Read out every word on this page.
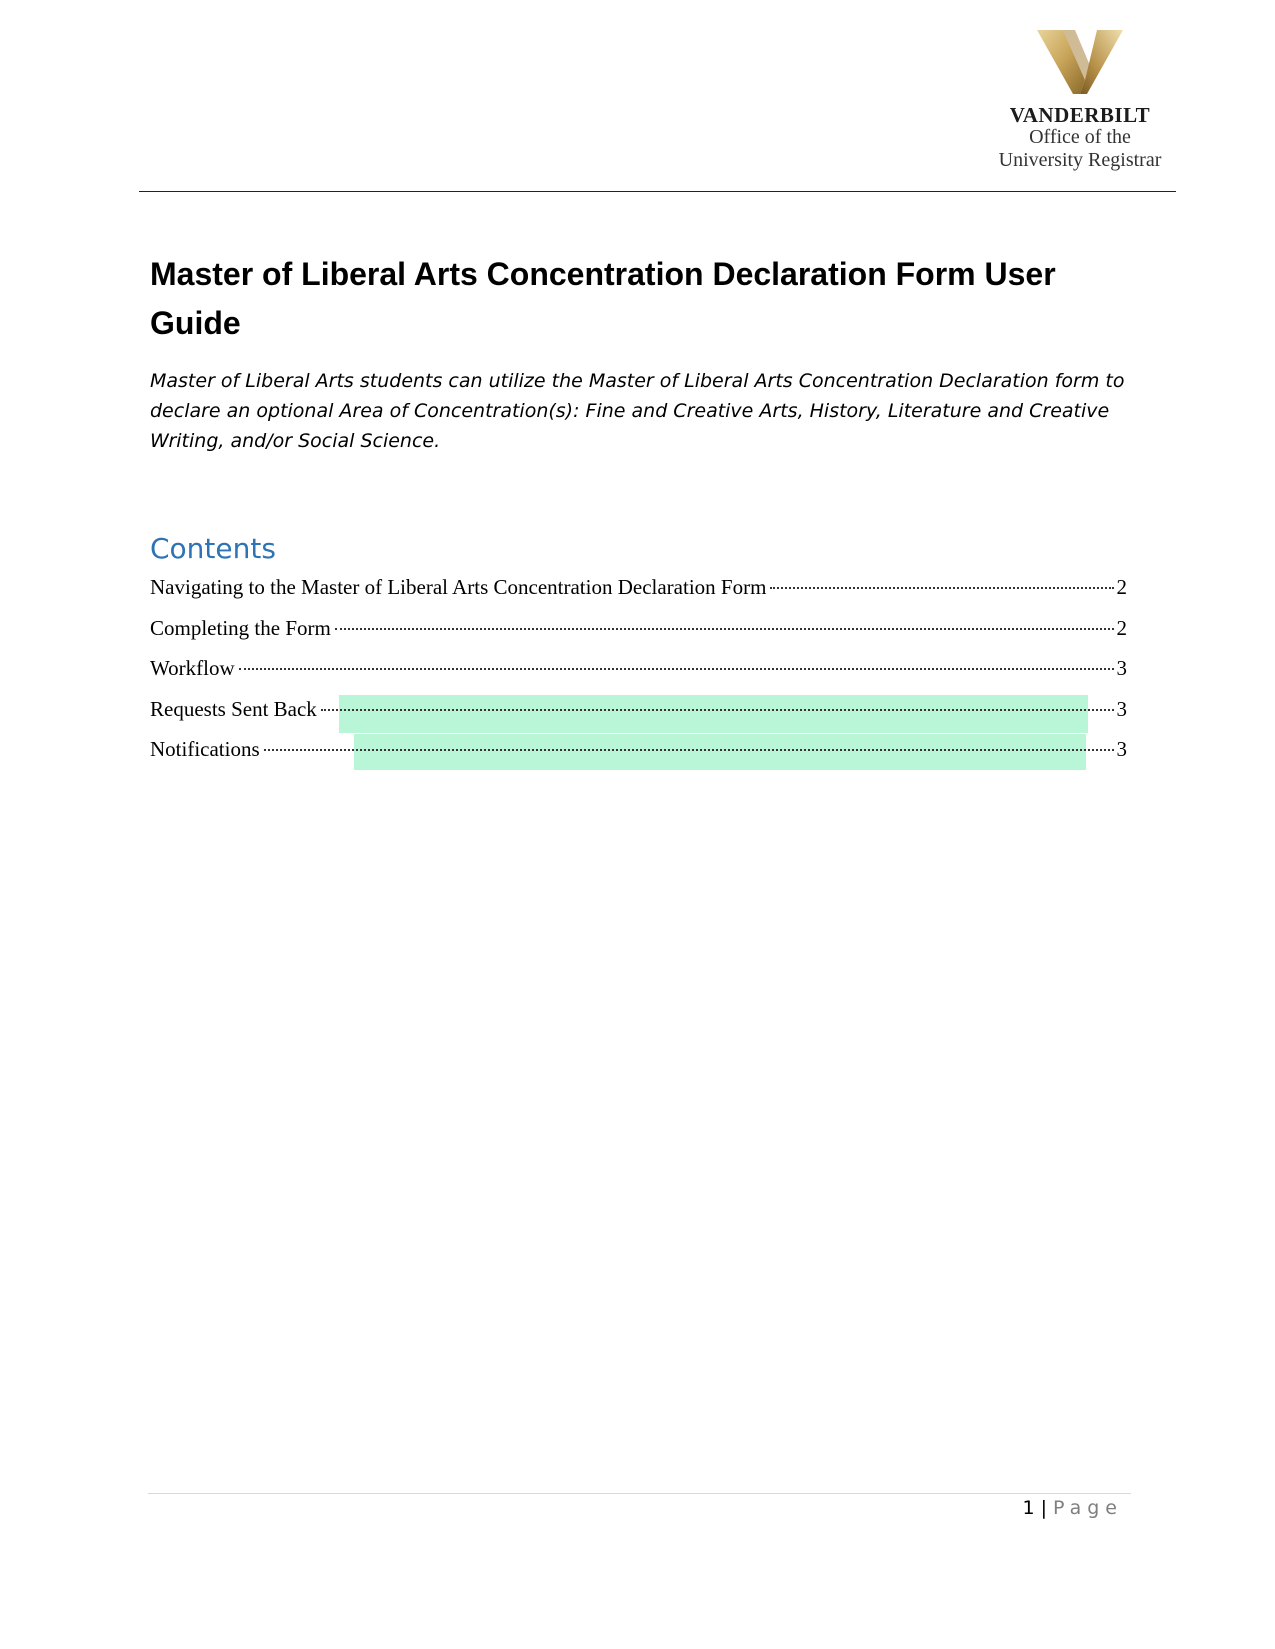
VANDERBILT
Office of the
University Registrar
Master of Liberal Arts Concentration Declaration Form User Guide

Master of Liberal Arts students can utilize the Master of Liberal Arts Concentration Declaration form to declare an optional Area of Concentration(s): Fine and Creative Arts, History, Literature and Creative Writing, and/or Social Science.

Contents
Navigating to the Master of Liberal Arts Concentration Declaration Form	2
Completing the Form	2
Workflow	3
Requests Sent Back	3
Notifications	3
1 | Page
